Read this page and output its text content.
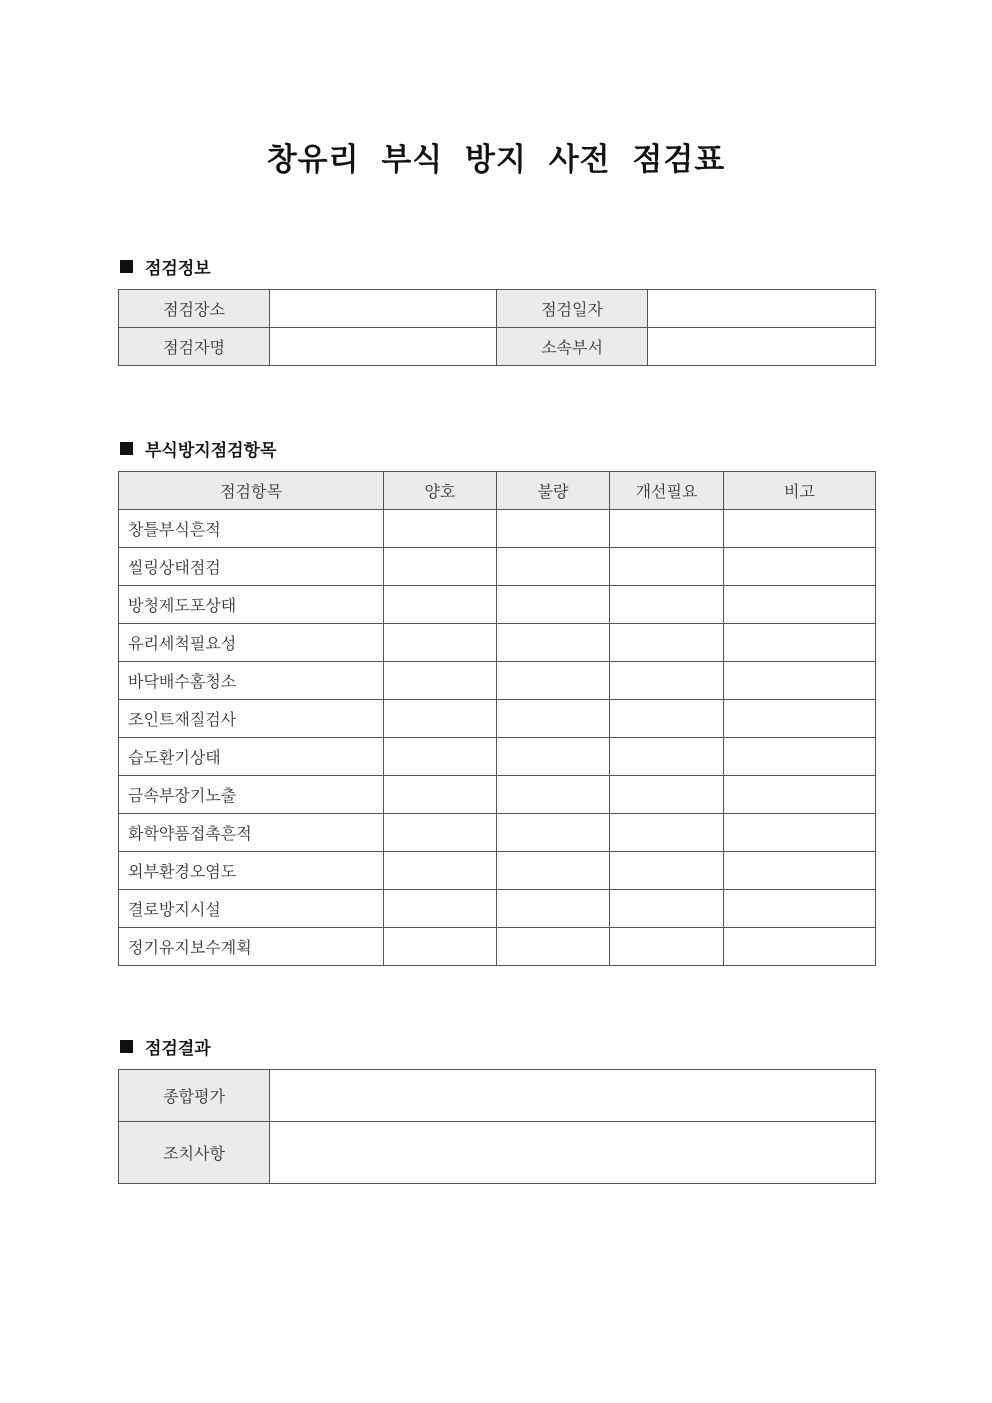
창유리 부식 방지 사전 점검표
점검정보
점검장소		점검일자	
점검자명		소속부서	
부식방지점검항목
점검항목	양호	불량	개선필요	비고
창틀부식흔적				
씰링상태점검				
방청제도포상태				
유리세척필요성				
바닥배수홈청소				
조인트재질검사				
습도환기상태				
금속부장기노출				
화학약품접촉흔적				
외부환경오염도				
결로방지시설				
정기유지보수계획				
점검결과
종합평가	
조치사항	
